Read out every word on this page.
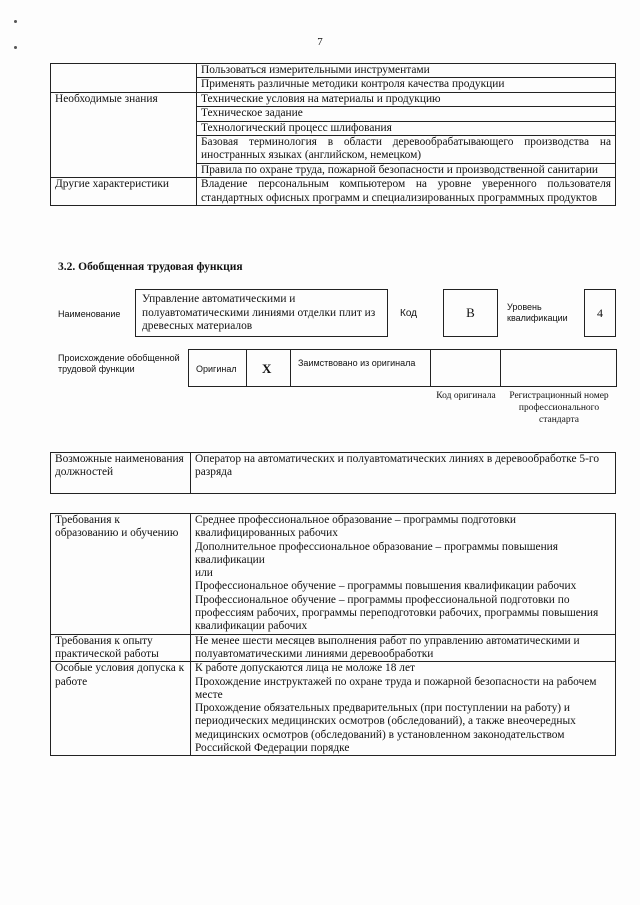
7
	Пользоваться измерительными инструментами
	Применять различные методики контроля качества продукции
Необходимые знания	Технические условия на материалы и продукцию
	Техническое задание
	Технологический процесс шлифования
	Базовая терминология в области деревообрабатывающего производства на иностранных языках (английском, немецком)
	Правила по охране труда, пожарной безопасности и производственной санитарии
Другие характеристики	Владение персональным компьютером на уровне уверенного пользователя стандартных офисных программ и специализированных программных продуктов
3.2. Обобщенная трудовая функция
Наименование
Управление автоматическими и полуавтоматическими линиями отделки плит из древесных материалов
Код	B	Уровень квалификации	4
Происхождение обобщенной трудовой функции	Оригинал X	Заимствовано из оригинала
Код оригинала	Регистрационный номер профессионального стандарта
Возможные наименования должностей	Оператор на автоматических и полуавтоматических линиях в деревообработке 5-го разряда
Требования к образованию и обучению	Среднее профессиональное образование – программы подготовки квалифицированных рабочих
Дополнительное профессиональное образование – программы повышения квалификации
или
Профессиональное обучение – программы повышения квалификации рабочих
Профессиональное обучение – программы профессиональной подготовки по профессиям рабочих, программы переподготовки рабочих, программы повышения квалификации рабочих

Требования к опыту практической работы	Не менее шести месяцев выполнения работ по управлению автоматическими и полуавтоматическими линиями деревообработки

Особые условия допуска к работе	К работе допускаются лица не моложе 18 лет
Прохождение инструктажей по охране труда и пожарной безопасности на рабочем месте
Прохождение обязательных предварительных (при поступлении на работу) и периодических медицинских осмотров (обследований), а также внеочередных медицинских осмотров (обследований) в установленном законодательством Российской Федерации порядке
